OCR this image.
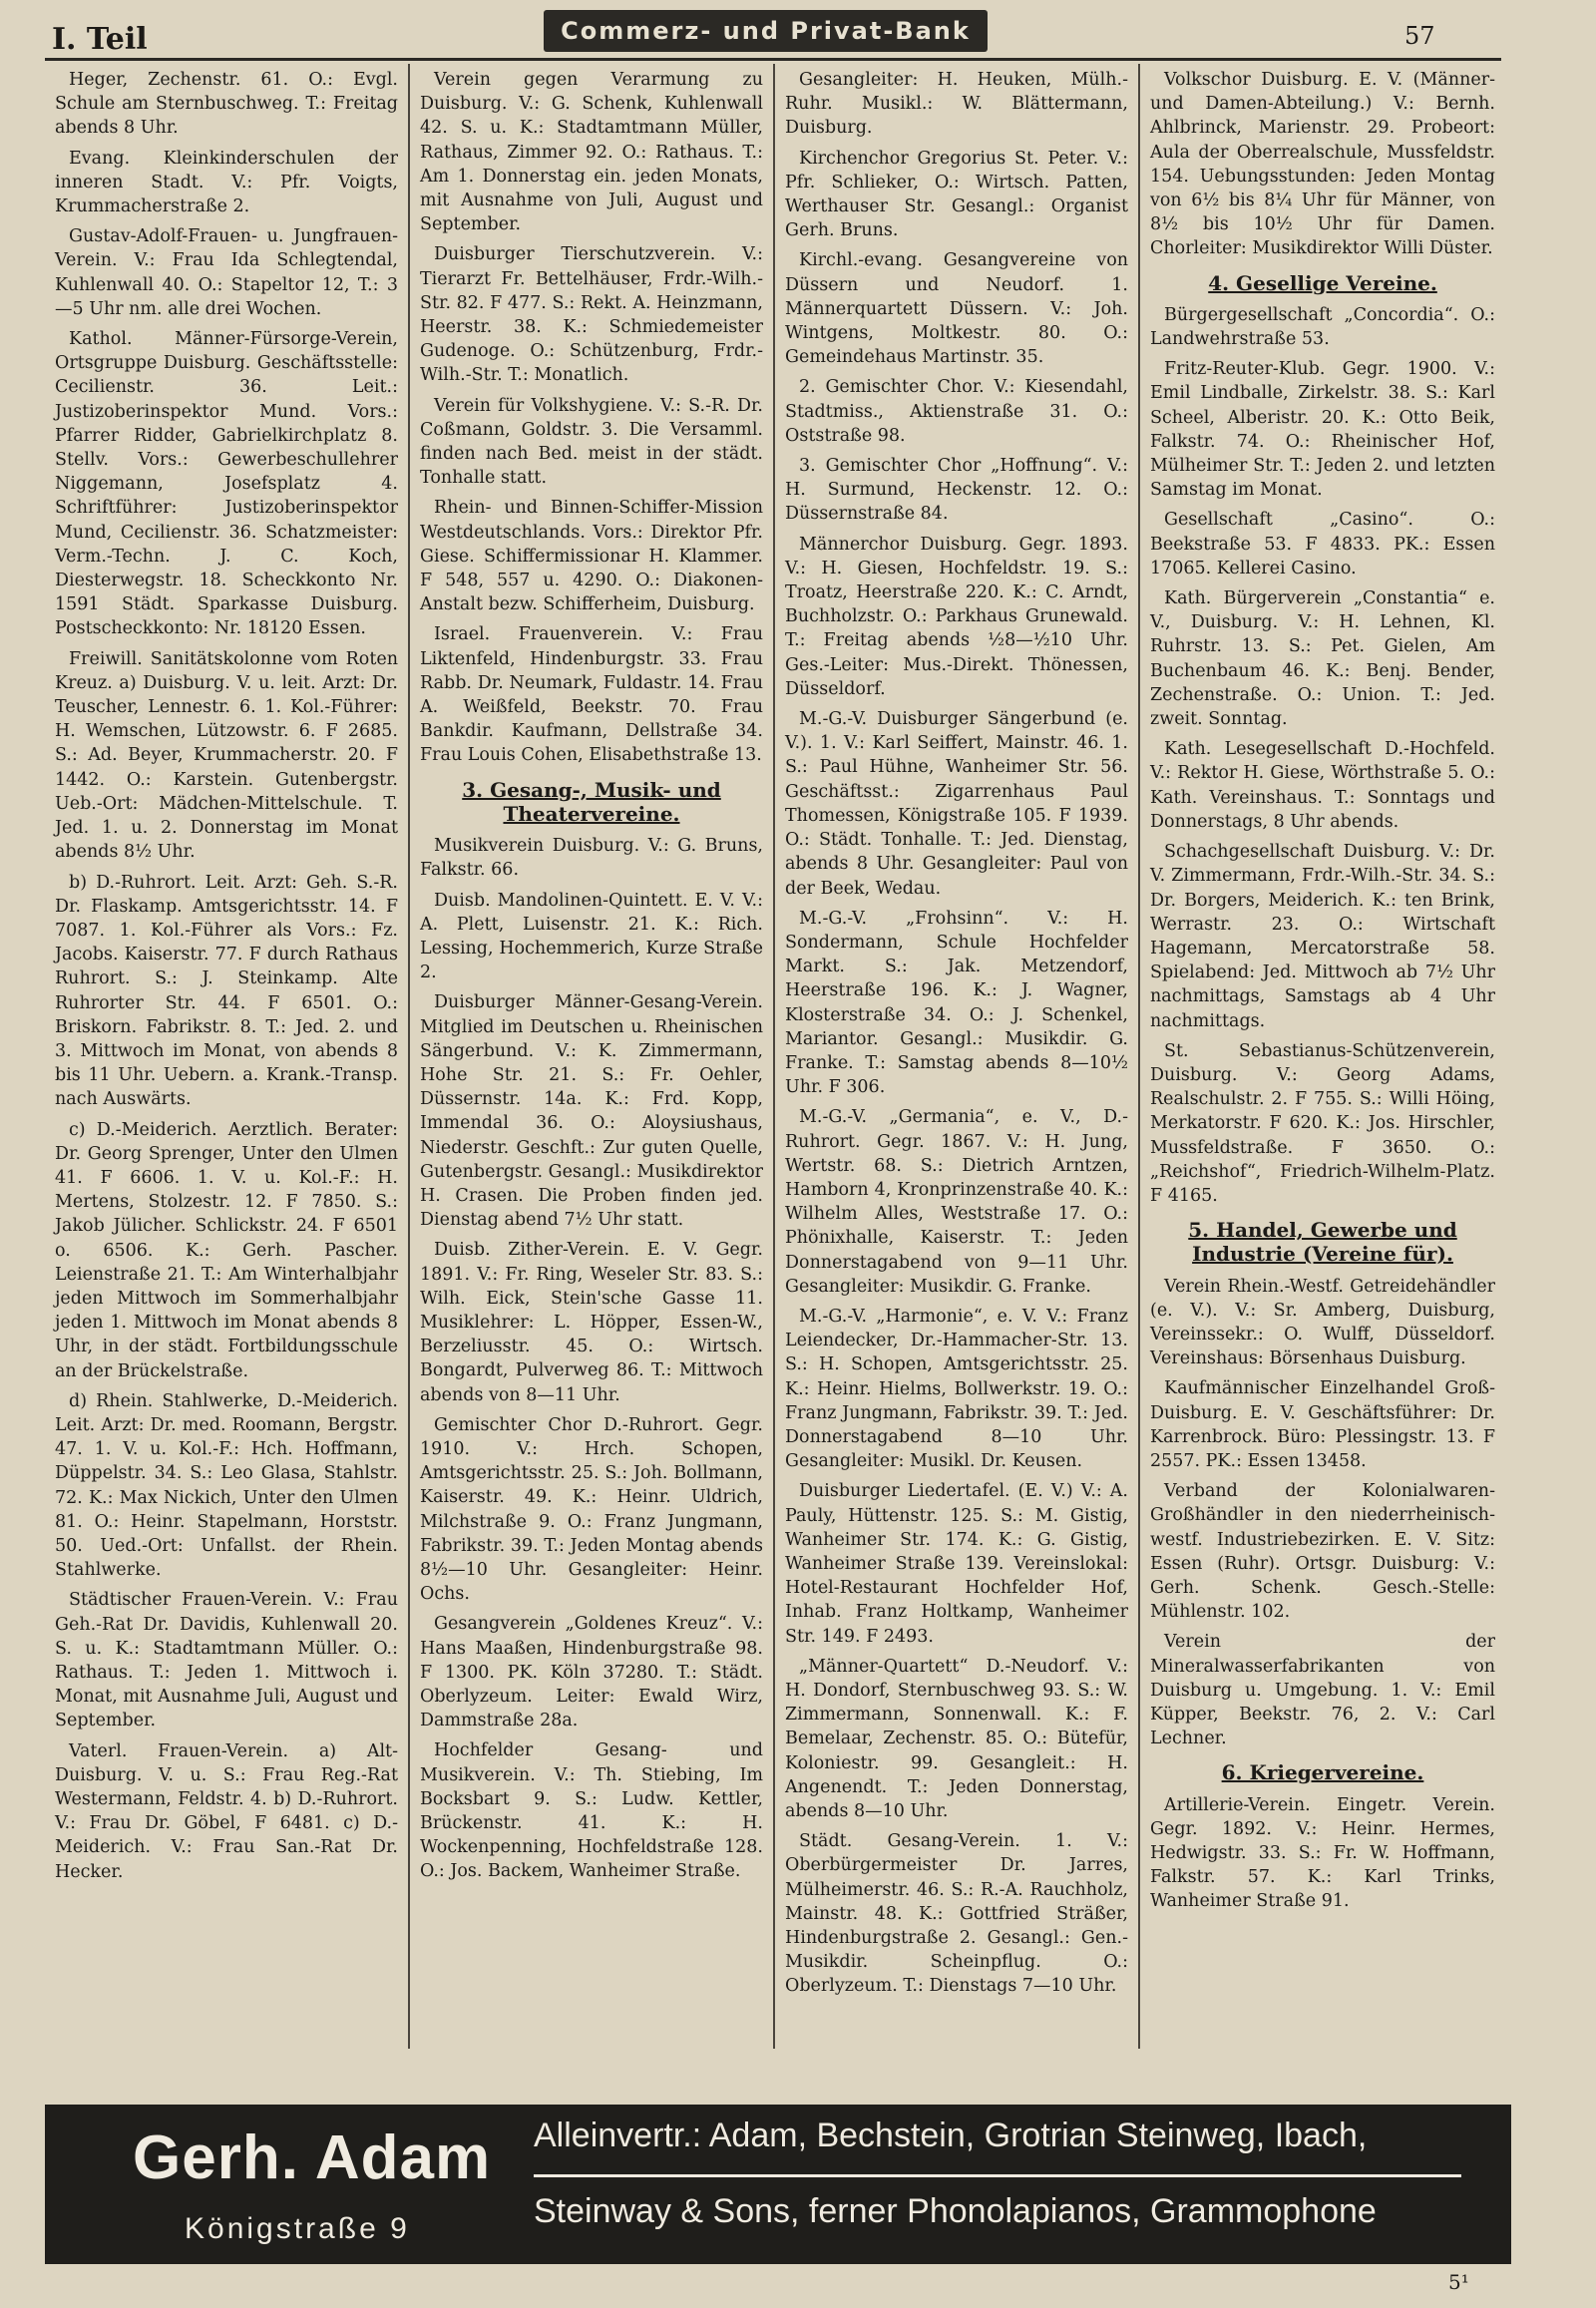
I. Teil	Commerz- und Privat-Bank	57

Heger, Zechenstr. 61. O.: Evgl. Schule am Sternbuschweg. T.: Freitag abends 8 Uhr.

Evang. Kleinkinderschulen der inneren Stadt. V.: Pfr. Voigts, Krummacherstraße 2.

Gustav-Adolf-Frauen- u. Jungfrauen-Verein. V.: Frau Ida Schlegtendal, Kuhlenwall 40. O.: Stapeltor 12, T.: 3—5 Uhr nm. alle drei Wochen.

Kathol. Männer-Fürsorge-Verein, Ortsgruppe Duisburg. Geschäftsstelle: Cecilienstr. 36. Leit.: Justizoberinspektor Mund. Vors.: Pfarrer Ridder, Gabrielkirchplatz 8. Stellv. Vors.: Gewerbeschullehrer Niggemann, Josefsplatz 4. Schriftführer: Justizoberinspektor Mund, Cecilienstr. 36. Schatzmeister: Verm.-Techn. J. C. Koch, Diesterwegstr. 18. Scheckkonto Nr. 1591 Städt. Sparkasse Duisburg. Postscheckkonto: Nr. 18120 Essen.

Freiwill. Sanitätskolonne vom Roten Kreuz. a) Duisburg. V. u. leit. Arzt: Dr. Teuscher, Lennestr. 6. 1. Kol.-Führer: H. Wemschen, Lützowstr. 6. F 2685. S.: Ad. Beyer, Krummacherstr. 20. F 1442. O.: Karstein. Gutenbergstr. Ueb.-Ort: Mädchen-Mittelschule. T. Jed. 1. u. 2. Donnerstag im Monat abends 8½ Uhr.

b) D.-Ruhrort. Leit. Arzt: Geh. S.-R. Dr. Flaskamp. Amtsgerichtsstr. 14. F 7087. 1. Kol.-Führer als Vors.: Fz. Jacobs. Kaiserstr. 77. F durch Rathaus Ruhrort. S.: J. Steinkamp. Alte Ruhrorter Str. 44. F 6501. O.: Briskorn. Fabrikstr. 8. T.: Jed. 2. und 3. Mittwoch im Monat, von abends 8 bis 11 Uhr. Uebern. a. Krank.-Transp. nach Auswärts.

c) D.-Meiderich. Aerztlich. Berater: Dr. Georg Sprenger, Unter den Ulmen 41. F 6606. 1. V. u. Kol.-F.: H. Mertens, Stolzestr. 12. F 7850. S.: Jakob Jülicher. Schlickstr. 24. F 6501 o. 6506. K.: Gerh. Pascher. Leienstraße 21. T.: Am Winterhalbjahr jeden Mittwoch im Sommerhalbjahr jeden 1. Mittwoch im Monat abends 8 Uhr, in der städt. Fortbildungsschule an der Brückelstraße.

d) Rhein. Stahlwerke, D.-Meiderich. Leit. Arzt: Dr. med. Roomann, Bergstr. 47. 1. V. u. Kol.-F.: Hch. Hoffmann, Düppelstr. 34. S.: Leo Glasa, Stahlstr. 72. K.: Max Nickich, Unter den Ulmen 81. O.: Heinr. Stapelmann, Horststr. 50. Ued.-Ort: Unfallst. der Rhein. Stahlwerke.

Städtischer Frauen-Verein. V.: Frau Geh.-Rat Dr. Davidis, Kuhlenwall 20. S. u. K.: Stadtamtmann Müller. O.: Rathaus. T.: Jeden 1. Mittwoch i. Monat, mit Ausnahme Juli, August und September.

Vaterl. Frauen-Verein. a) Alt-Duisburg. V. u. S.: Frau Reg.-Rat Westermann, Feldstr. 4. b) D.-Ruhrort. V.: Frau Dr. Göbel, F 6481. c) D.-Meiderich. V.: Frau San.-Rat Dr. Hecker.

Verein gegen Verarmung zu Duisburg. V.: G. Schenk, Kuhlenwall 42. S. u. K.: Stadtamtmann Müller, Rathaus, Zimmer 92. O.: Rathaus. T.: Am 1. Donnerstag ein. jeden Monats, mit Ausnahme von Juli, August und September.

Duisburger Tierschutzverein. V.: Tierarzt Fr. Bettelhäuser, Frdr.-Wilh.-Str. 82. F 477. S.: Rekt. A. Heinzmann, Heerstr. 38. K.: Schmiedemeister Gudenoge. O.: Schützenburg, Frdr.-Wilh.-Str. T.: Monatlich.

Verein für Volkshygiene. V.: S.-R. Dr. Coßmann, Goldstr. 3. Die Versamml. finden nach Bed. meist in der städt. Tonhalle statt.

Rhein- und Binnen-Schiffer-Mission Westdeutschlands. Vors.: Direktor Pfr. Giese. Schiffermissionar H. Klammer. F 548, 557 u. 4290. O.: Diakonen-Anstalt bezw. Schifferheim, Duisburg.

Israel. Frauenverein. V.: Frau Liktenfeld, Hindenburgstr. 33. Frau Rabb. Dr. Neumark, Fuldastr. 14. Frau A. Weißfeld, Beekstr. 70. Frau Bankdir. Kaufmann, Dellstraße 34. Frau Louis Cohen, Elisabethstraße 13.

3. Gesang-, Musik- und Theatervereine.

Musikverein Duisburg. V.: G. Bruns, Falkstr. 66.

Duisb. Mandolinen-Quintett. E. V. V.: A. Plett, Luisenstr. 21. K.: Rich. Lessing, Hochemmerich, Kurze Straße 2.

Duisburger Männer-Gesang-Verein. Mitglied im Deutschen u. Rheinischen Sängerbund. V.: K. Zimmermann, Hohe Str. 21. S.: Fr. Oehler, Düssernstr. 14a. K.: Frd. Kopp, Immendal 36. O.: Aloysiushaus, Niederstr. Geschft.: Zur guten Quelle, Gutenbergstr. Gesangl.: Musikdirektor H. Crasen. Die Proben finden jed. Dienstag abend 7½ Uhr statt.

Duisb. Zither-Verein. E. V. Gegr. 1891. V.: Fr. Ring, Weseler Str. 83. S.: Wilh. Eick, Stein'sche Gasse 11. Musiklehrer: L. Höpper, Essen-W., Berzeliusstr. 45. O.: Wirtsch. Bongardt, Pulverweg 86. T.: Mittwoch abends von 8—11 Uhr.

Gemischter Chor D.-Ruhrort. Gegr. 1910. V.: Hrch. Schopen, Amtsgerichtsstr. 25. S.: Joh. Bollmann, Kaiserstr. 49. K.: Heinr. Uldrich, Milchstraße 9. O.: Franz Jungmann, Fabrikstr. 39. T.: Jeden Montag abends 8½—10 Uhr. Gesangleiter: Heinr. Ochs.

Gesangverein „Goldenes Kreuz“. V.: Hans Maaßen, Hindenburgstraße 98. F 1300. PK. Köln 37280. T.: Städt. Oberlyzeum. Leiter: Ewald Wirz, Dammstraße 28a.

Hochfelder Gesang- und Musikverein. V.: Th. Stiebing, Im Bocksbart 9. S.: Ludw. Kettler, Brückenstr. 41. K.: H. Wockenpenning, Hochfeldstraße 128. O.: Jos. Backem, Wanheimer Straße.

Gesangleiter: H. Heuken, Mülh.-Ruhr. Musikl.: W. Blättermann, Duisburg.

Kirchenchor Gregorius St. Peter. V.: Pfr. Schlieker, O.: Wirtsch. Patten, Werthauser Str. Gesangl.: Organist Gerh. Bruns.

Kirchl.-evang. Gesangvereine von Düssern und Neudorf. 1. Männerquartett Düssern. V.: Joh. Wintgens, Moltkestr. 80. O.: Gemeindehaus Martinstr. 35.

2. Gemischter Chor. V.: Kiesendahl, Stadtmiss., Aktienstraße 31. O.: Oststraße 98.

3. Gemischter Chor „Hoffnung“. V.: H. Surmund, Heckenstr. 12. O.: Düssernstraße 84.

Männerchor Duisburg. Gegr. 1893. V.: H. Giesen, Hochfeldstr. 19. S.: Troatz, Heerstraße 220. K.: C. Arndt, Buchholzstr. O.: Parkhaus Grunewald. T.: Freitag abends ½8—½10 Uhr. Ges.-Leiter: Mus.-Direkt. Thönessen, Düsseldorf.

M.-G.-V. Duisburger Sängerbund (e. V.). 1. V.: Karl Seiffert, Mainstr. 46. 1. S.: Paul Hühne, Wanheimer Str. 56. Geschäftsst.: Zigarrenhaus Paul Thomessen, Königstraße 105. F 1939. O.: Städt. Tonhalle. T.: Jed. Dienstag, abends 8 Uhr. Gesangleiter: Paul von der Beek, Wedau.

M.-G.-V. „Frohsinn“. V.: H. Sondermann, Schule Hochfelder Markt. S.: Jak. Metzendorf, Heerstraße 196. K.: J. Wagner, Klosterstraße 34. O.: J. Schenkel, Mariantor. Gesangl.: Musikdir. G. Franke. T.: Samstag abends 8—10½ Uhr. F 306.

M.-G.-V. „Germania“, e. V., D.-Ruhrort. Gegr. 1867. V.: H. Jung, Wertstr. 68. S.: Dietrich Arntzen, Hamborn 4, Kronprinzenstraße 40. K.: Wilhelm Alles, Weststraße 17. O.: Phönixhalle, Kaiserstr. T.: Jeden Donnerstagabend von 9—11 Uhr. Gesangleiter: Musikdir. G. Franke.

M.-G.-V. „Harmonie“, e. V. V.: Franz Leiendecker, Dr.-Hammacher-Str. 13. S.: H. Schopen, Amtsgerichtsstr. 25. K.: Heinr. Hielms, Bollwerkstr. 19. O.: Franz Jungmann, Fabrikstr. 39. T.: Jed. Donnerstagabend 8—10 Uhr. Gesangleiter: Musikl. Dr. Keusen.

Duisburger Liedertafel. (E. V.) V.: A. Pauly, Hüttenstr. 125. S.: M. Gistig, Wanheimer Str. 174. K.: G. Gistig, Wanheimer Straße 139. Vereinslokal: Hotel-Restaurant Hochfelder Hof, Inhab. Franz Holtkamp, Wanheimer Str. 149. F 2493.

„Männer-Quartett“ D.-Neudorf. V.: H. Dondorf, Sternbuschweg 93. S.: W. Zimmermann, Sonnenwall. K.: F. Bemelaar, Zechenstr. 85. O.: Bütefür, Koloniestr. 99. Gesangleit.: H. Angenendt. T.: Jeden Donnerstag, abends 8—10 Uhr.

Städt. Gesang-Verein. 1. V.: Oberbürgermeister Dr. Jarres, Mülheimerstr. 46. S.: R.-A. Rauchholz, Mainstr. 48. K.: Gottfried Sträßer, Hindenburgstraße 2. Gesangl.: Gen.-Musikdir. Scheinpflug. O.: Oberlyzeum. T.: Dienstags 7—10 Uhr.

Volkschor Duisburg. E. V. (Männer- und Damen-Abteilung.) V.: Bernh. Ahlbrinck, Marienstr. 29. Probeort: Aula der Oberrealschule, Mussfeldstr. 154. Uebungsstunden: Jeden Montag von 6½ bis 8¼ Uhr für Männer, von 8½ bis 10½ Uhr für Damen. Chorleiter: Musikdirektor Willi Düster.

4. Gesellige Vereine.

Bürgergesellschaft „Concordia“. O.: Landwehrstraße 53.

Fritz-Reuter-Klub. Gegr. 1900. V.: Emil Lindballe, Zirkelstr. 38. S.: Karl Scheel, Alberistr. 20. K.: Otto Beik, Falkstr. 74. O.: Rheinischer Hof, Mülheimer Str. T.: Jeden 2. und letzten Samstag im Monat.

Gesellschaft „Casino“. O.: Beekstraße 53. F 4833. PK.: Essen 17065. Kellerei Casino.

Kath. Bürgerverein „Constantia“ e. V., Duisburg. V.: H. Lehnen, Kl. Ruhrstr. 13. S.: Pet. Gielen, Am Buchenbaum 46. K.: Benj. Bender, Zechenstraße. O.: Union. T.: Jed. zweit. Sonntag.

Kath. Lesegesellschaft D.-Hochfeld. V.: Rektor H. Giese, Wörthstraße 5. O.: Kath. Vereinshaus. T.: Sonntags und Donnerstags, 8 Uhr abends.

Schachgesellschaft Duisburg. V.: Dr. V. Zimmermann, Frdr.-Wilh.-Str. 34. S.: Dr. Borgers, Meiderich. K.: ten Brink, Werrastr. 23. O.: Wirtschaft Hagemann, Mercatorstraße 58. Spielabend: Jed. Mittwoch ab 7½ Uhr nachmittags, Samstags ab 4 Uhr nachmittags.

St. Sebastianus-Schützenverein, Duisburg. V.: Georg Adams, Realschulstr. 2. F 755. S.: Willi Höing, Merkatorstr. F 620. K.: Jos. Hirschler, Mussfeldstraße. F 3650. O.: „Reichshof“, Friedrich-Wilhelm-Platz. F 4165.

5. Handel, Gewerbe und Industrie (Vereine für).

Verein Rhein.-Westf. Getreidehändler (e. V.). V.: Sr. Amberg, Duisburg, Vereinssekr.: O. Wulff, Düsseldorf. Vereinshaus: Börsenhaus Duisburg.

Kaufmännischer Einzelhandel Groß-Duisburg. E. V. Geschäftsführer: Dr. Karrenbrock. Büro: Plessingstr. 13. F 2557. PK.: Essen 13458.

Verband der Kolonialwaren-Großhändler in den niederrheinisch-westf. Industriebezirken. E. V. Sitz: Essen (Ruhr). Ortsgr. Duisburg: V.: Gerh. Schenk. Gesch.-Stelle: Mühlenstr. 102.

Verein der Mineralwasserfabrikanten von Duisburg u. Umgebung. 1. V.: Emil Küpper, Beekstr. 76, 2. V.: Carl Lechner.

6. Kriegervereine.

Artillerie-Verein. Eingetr. Verein. Gegr. 1892. V.: Heinr. Hermes, Hedwigstr. 33. S.: Fr. W. Hoffmann, Falkstr. 57. K.: Karl Trinks, Wanheimer Straße 91.

Gerh. Adam
Königstraße 9
Alleinvertr.: Adam, Bechstein, Grotrian Steinweg, Ibach,
Steinway & Sons, ferner Phonolapianos, Grammophone
5¹
